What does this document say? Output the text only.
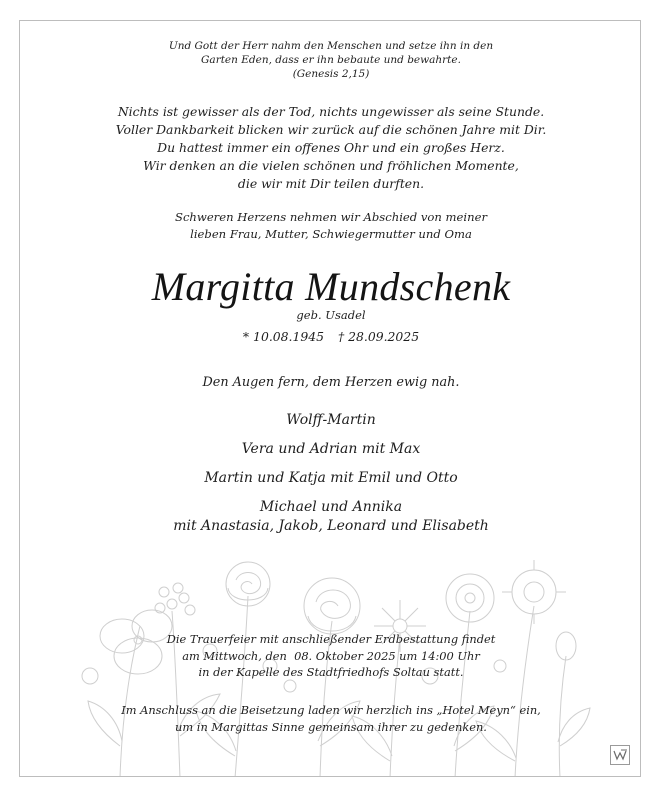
Und Gott der Herr nahm den Menschen und setze ihn in den
Garten Eden, dass er ihn bebaute und bewahrte.
(Genesis 2,15)

Nichts ist gewisser als der Tod, nichts ungewisser als seine Stunde.
Voller Dankbarkeit blicken wir zurück auf die schönen Jahre mit Dir.
Du hattest immer ein offenes Ohr und ein großes Herz.
Wir denken an die vielen schönen und fröhlichen Momente,
die wir mit Dir teilen durften.

Schweren Herzens nehmen wir Abschied von meiner
lieben Frau, Mutter, Schwiegermutter und Oma

Margitta Mundschenk

geb. Usadel

* 10.08.1945 † 28.09.2025

Den Augen fern, dem Herzen ewig nah.

Wolff-Martin
Vera und Adrian mit Max
Martin und Katja mit Emil und Otto
Michael und Annika
mit Anastasia, Jakob, Leonard und Elisabeth

Die Trauerfeier mit anschließender Erdbestattung findet
am Mittwoch, den  08. Oktober 2025 um 14:00 Uhr
in der Kapelle des Stadtfriedhofs Soltau statt.

Im Anschluss an die Beisetzung laden wir herzlich ins „Hotel Meyn“ ein,
um in Margittas Sinne gemeinsam ihrer zu gedenken.
